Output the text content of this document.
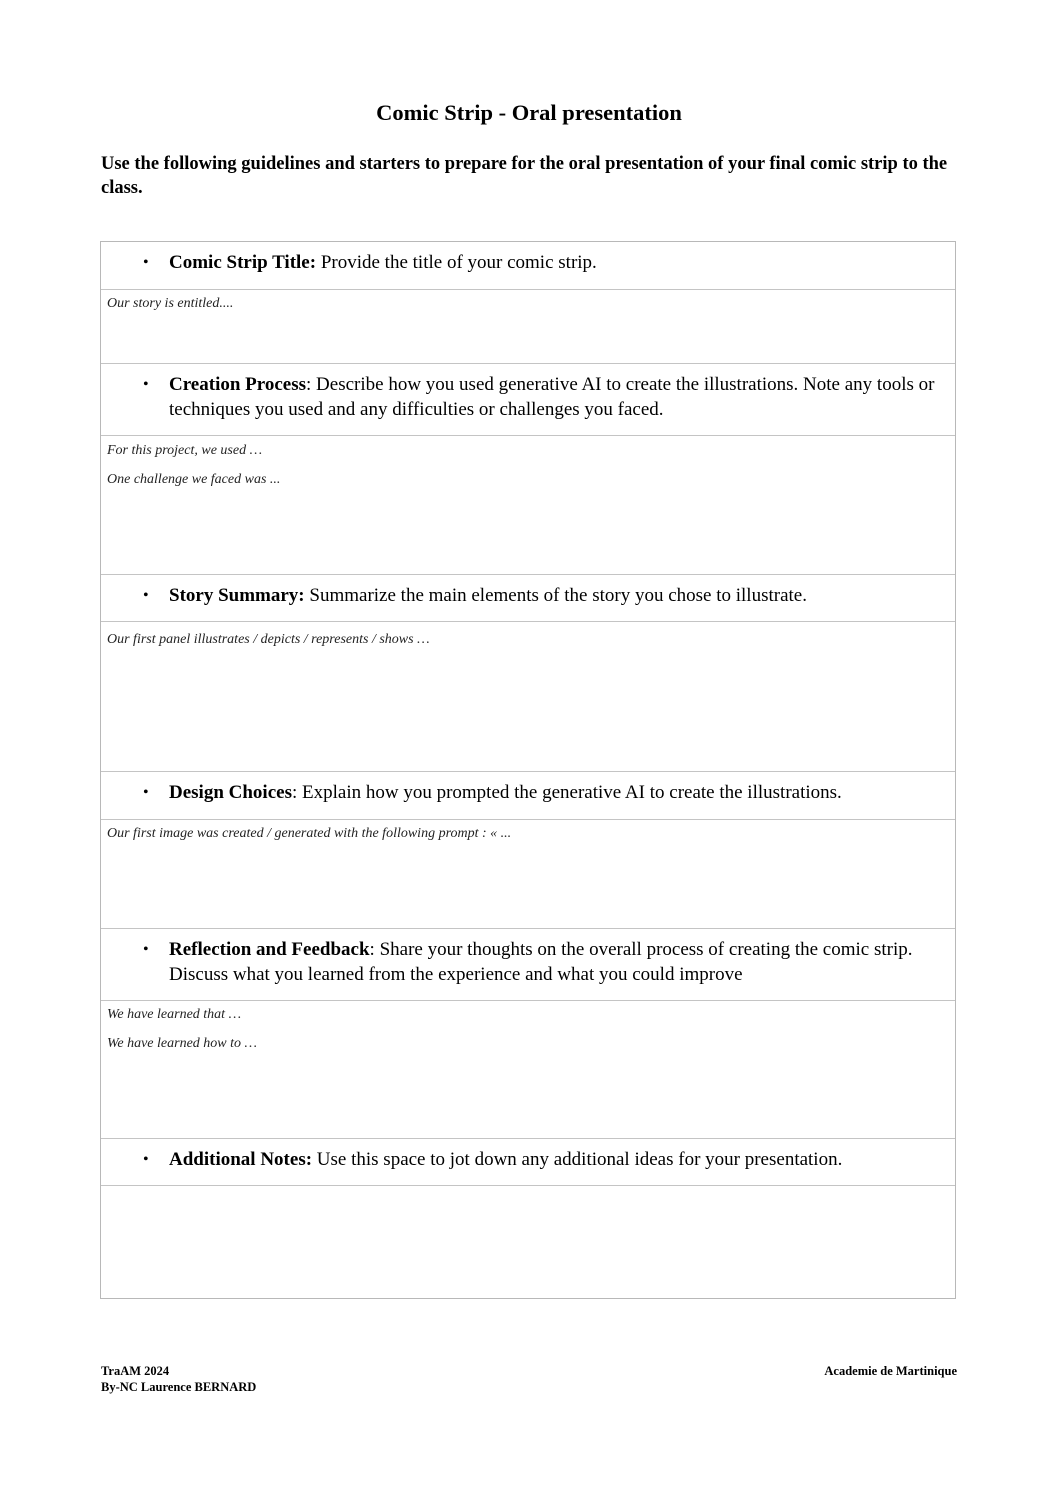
Comic Strip - Oral presentation

Use the following guidelines and starters to prepare for the oral presentation of your final comic strip to the class.

• Comic Strip Title: Provide the title of your comic strip.
Our story is entitled....
• Creation Process: Describe how you used generative AI to create the illustrations. Note any tools or techniques you used and any difficulties or challenges you faced.
For this project, we used …
One challenge we faced was ...
• Story Summary: Summarize the main elements of the story you chose to illustrate.
Our first panel illustrates / depicts / represents / shows …
• Design Choices: Explain how you prompted the generative AI to create the illustrations.
Our first image was created / generated with the following prompt : « ...
• Reflection and Feedback: Share your thoughts on the overall process of creating the comic strip. Discuss what you learned from the experience and what you could improve
We have learned that …
We have learned how to …
• Additional Notes: Use this space to jot down any additional ideas for your presentation.
TraAM 2024
By-NC Laurence BERNARD
Academie de Martinique
